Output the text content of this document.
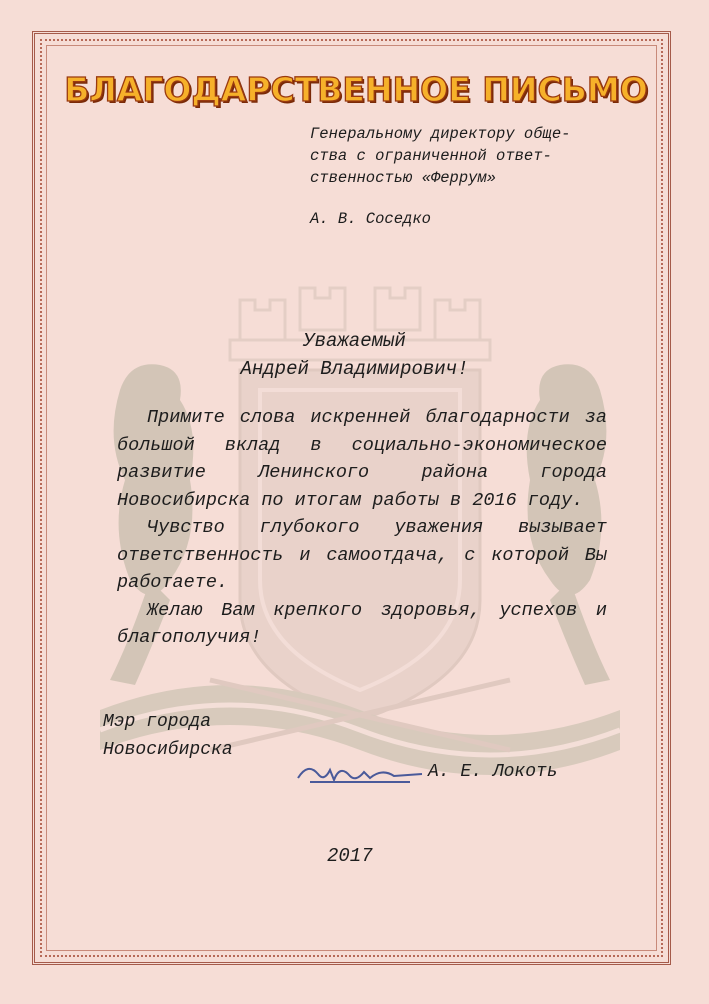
БЛАГОДАРСТВЕННОЕ ПИСЬМО
Генеральному директору обще-
ства с ограниченной ответ-
ственностью «Феррум»
А. В. Соседко
Уважаемый
Андрей Владимирович!

Примите слова искренней благодарности за большой вклад в социально-экономическое развитие Ленинского района города Новосибирска по итогам работы в 2016 году.

Чувство глубокого уважения вызывает ответственность и самоотдача, с которой Вы работаете.

Желаю Вам крепкого здоровья, успехов и благополучия!

Мэр города
Новосибирска
А. Е. Локоть
2017
